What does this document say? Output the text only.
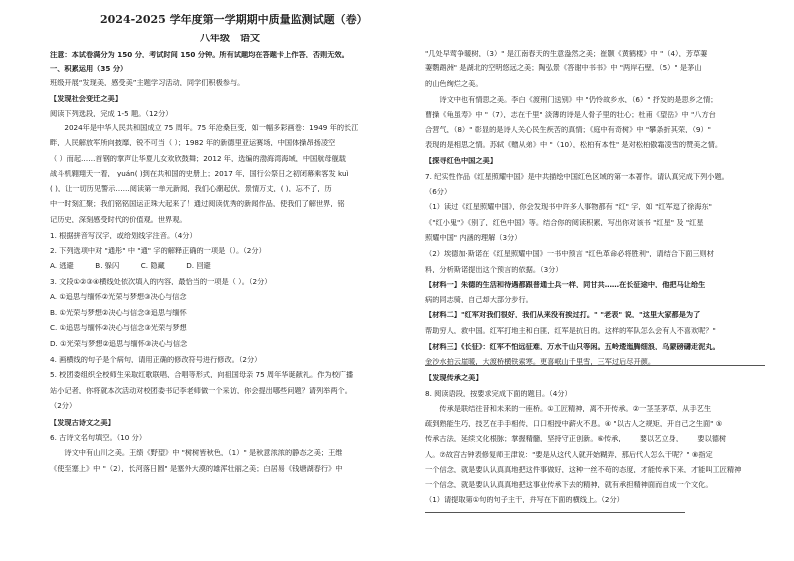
2024-2025 学年度第一学期期中质量监测试题（卷）
八年级　语文
注意：本试卷满分为 150 分，考试时间 150 分钟。所有试题均在答题卡上作答，否则无效。
一、积累运用（35 分）
班级开展“发现美，感受美”主题学习活动，同学们积极参与。
【发现社会变迁之美】
阅读下列选段，完成 1-5 题。（12分）
　　2024年是中华人民共和国成立 75 周年。75 年沧桑巨变，如一幅多彩画卷：1949 年的长江
畔，人民解放军所向披靡，锐不可当（ ）；1982 年的新德里亚运赛场，中国体操昂扬凌空
（ ）而起……首钢的掌声让华夏儿女欢欣鼓舞；2012 年，选编的渤海湾海域，中国航母舰载
战斗机翱翔天一着， yuán( )到在共和国的史册上；2017 年，国行公祭日之初闭幕乘客发 kuì
( )，让一切历见警示……阅读第一单元新闻，我们心潮起伏，景情万丈，( )，忘不了，历
中一时刻汇聚；我们铭铭国运正珠大起来了！通过阅读优秀的新闻作品，使我们了解世界，铭
记历史，深刻感受时代的价值观。世界观。
1. 根据拼音写汉字，或给划线字注音。（4分）
2. 下列选项中对 "通彤" 中 "通" 字的解释正确的一项是（）。（2分）
A. 逃避　　　B. 躲闪　　　C. 隐藏　　　D. 回避
3. 文段①②③④横线处依次填入的内容，最恰当的一项是（ ）。（2分）
A. ①追思与缅怀②光荣与梦想③决心与信念
B. ①光荣与梦想②决心与信念③追思与缅怀
C. ①追思与缅怀②决心与信念③光荣与梦想
D. ①光荣与梦想②追思与缅怀③决心与信念
4. 画横线的句子是个病句，请用正确的修改符号进行修改。（2分）
5. 校团委组织全校师生采取红歌联唱、合唱等形式，向祖国母亲 75 周年华诞献礼。作为校广播
站小记者，你将就本次活动对校团委书记李老师做一个采访，你会提出哪些问题？请列举两个。
（2分）
【发现古诗文之美】
6. 古诗文名句填空。（10 分）
　　诗文中有山川之美。王绩《野望》中 "树树皆秋色，（1）" 是秋意浓浓的静态之美；王维
《使至塞上》中 "（2），长河落日圆" 是塞外大漠的雄浑壮丽之美；白居易《钱塘湖春行》中
"几处早莺争暖树，（3）" 是江南春天的生意盎然之美；崔颢《黄鹤楼》中 "（4），芳草萋
萋鹦鹉洲" 是湖北的空明悠远之美；陶弘景《答谢中书书》中 "两岸石壁，（5）" 是茅山
的山色绚烂之美。
　　诗文中也有情思之美。李白《渡荆门送别》中 "仍怜故乡水，（6）" 抒发的是思乡之情；
曹操《龟虽寿》中 "（7），志在千里" 淡薄的诗是人骨子里的壮心；杜甫《望岳》中 "八方台
合营气，（8）" 彰显的是诗人关心民生疾苦的真情；《庭中有奇树》中 "攀条折其荣，（9）"
表现的是相思之情。苏轼《赠从弟》中 "（10），松柏有本性" 是对松柏傲霜凌雪的赞美之情。
【探寻红色中国之美】
7. 纪实性作品《红星照耀中国》是中共描绘中国红色区域的第一本著作。请认真完成下列小题。
（6分）
（1）读过《红星照耀中国》，你会发现书中许多人事物都有 "红" 字，如 "红军逗了徐海东"
《"红小鬼"》《别了，红色中国》等。结合你的阅读积累，写出你对该书 "红星" 及 "红星
照耀中国" 内涵的理解（3分）
（2）埃德加·斯诺在《红星照耀中国》一书中预言 "红色革命必将胜利"，请结合下面三则材
料，分析斯诺提出这个预言的依据。（3分）
【材料一】朱德的生活和待遇都跟普通士兵一样，同甘共……在长征途中，他把马让给生
病的同志骑，自己却大部分步行。
【材料二】"红军对我们很好，我们从来没有挨过打。" "老表" 说，"这里大家都是为了
帮助穷人，救中国。红军打地主和白匪，红军是抗日的。这样的军队怎么会有人不喜欢呢？"
【材料三】《长征》：红军不怕远征难，万水千山只等闲。五岭逶迤腾细浪，乌蒙磅礴走泥丸。
金沙水拍云崖暖，大渡桥横铁索寒。更喜岷山千里雪，三军过后尽开颜。
【发现传承之美】
8. 阅读语段，按要求完成下面的题目。（4分）
　　传承是联结往昔和未来的一座桥。①工匠精神，离不开传承。②一茎茎茅草，从手艺生
疏到熟能生巧，技艺在手手相传，口口相授中薪火不息。④ "以古人之规矩，开自己之生面" ⑤
传承古法，延续文化根脉；掌握精髓，坚持守正创新。⑥传承，____要以艺立身，____要以德树
人。⑦故宫古钟表修复师王津说："要是从这代人就开始糊弄，那后代人怎么干呢？" ⑧指定
一个信念，就是要认认真真地把这件事做好，这种一丝不苟的态度，才能传承下来，才能叫工匠精神
一个信念，就是要认认真真地把这事业传承下去的精神，就有承担精神面而自成一个文化。
（1）请提取第①句的句子主干，并写在下面的横线上。（2分）
